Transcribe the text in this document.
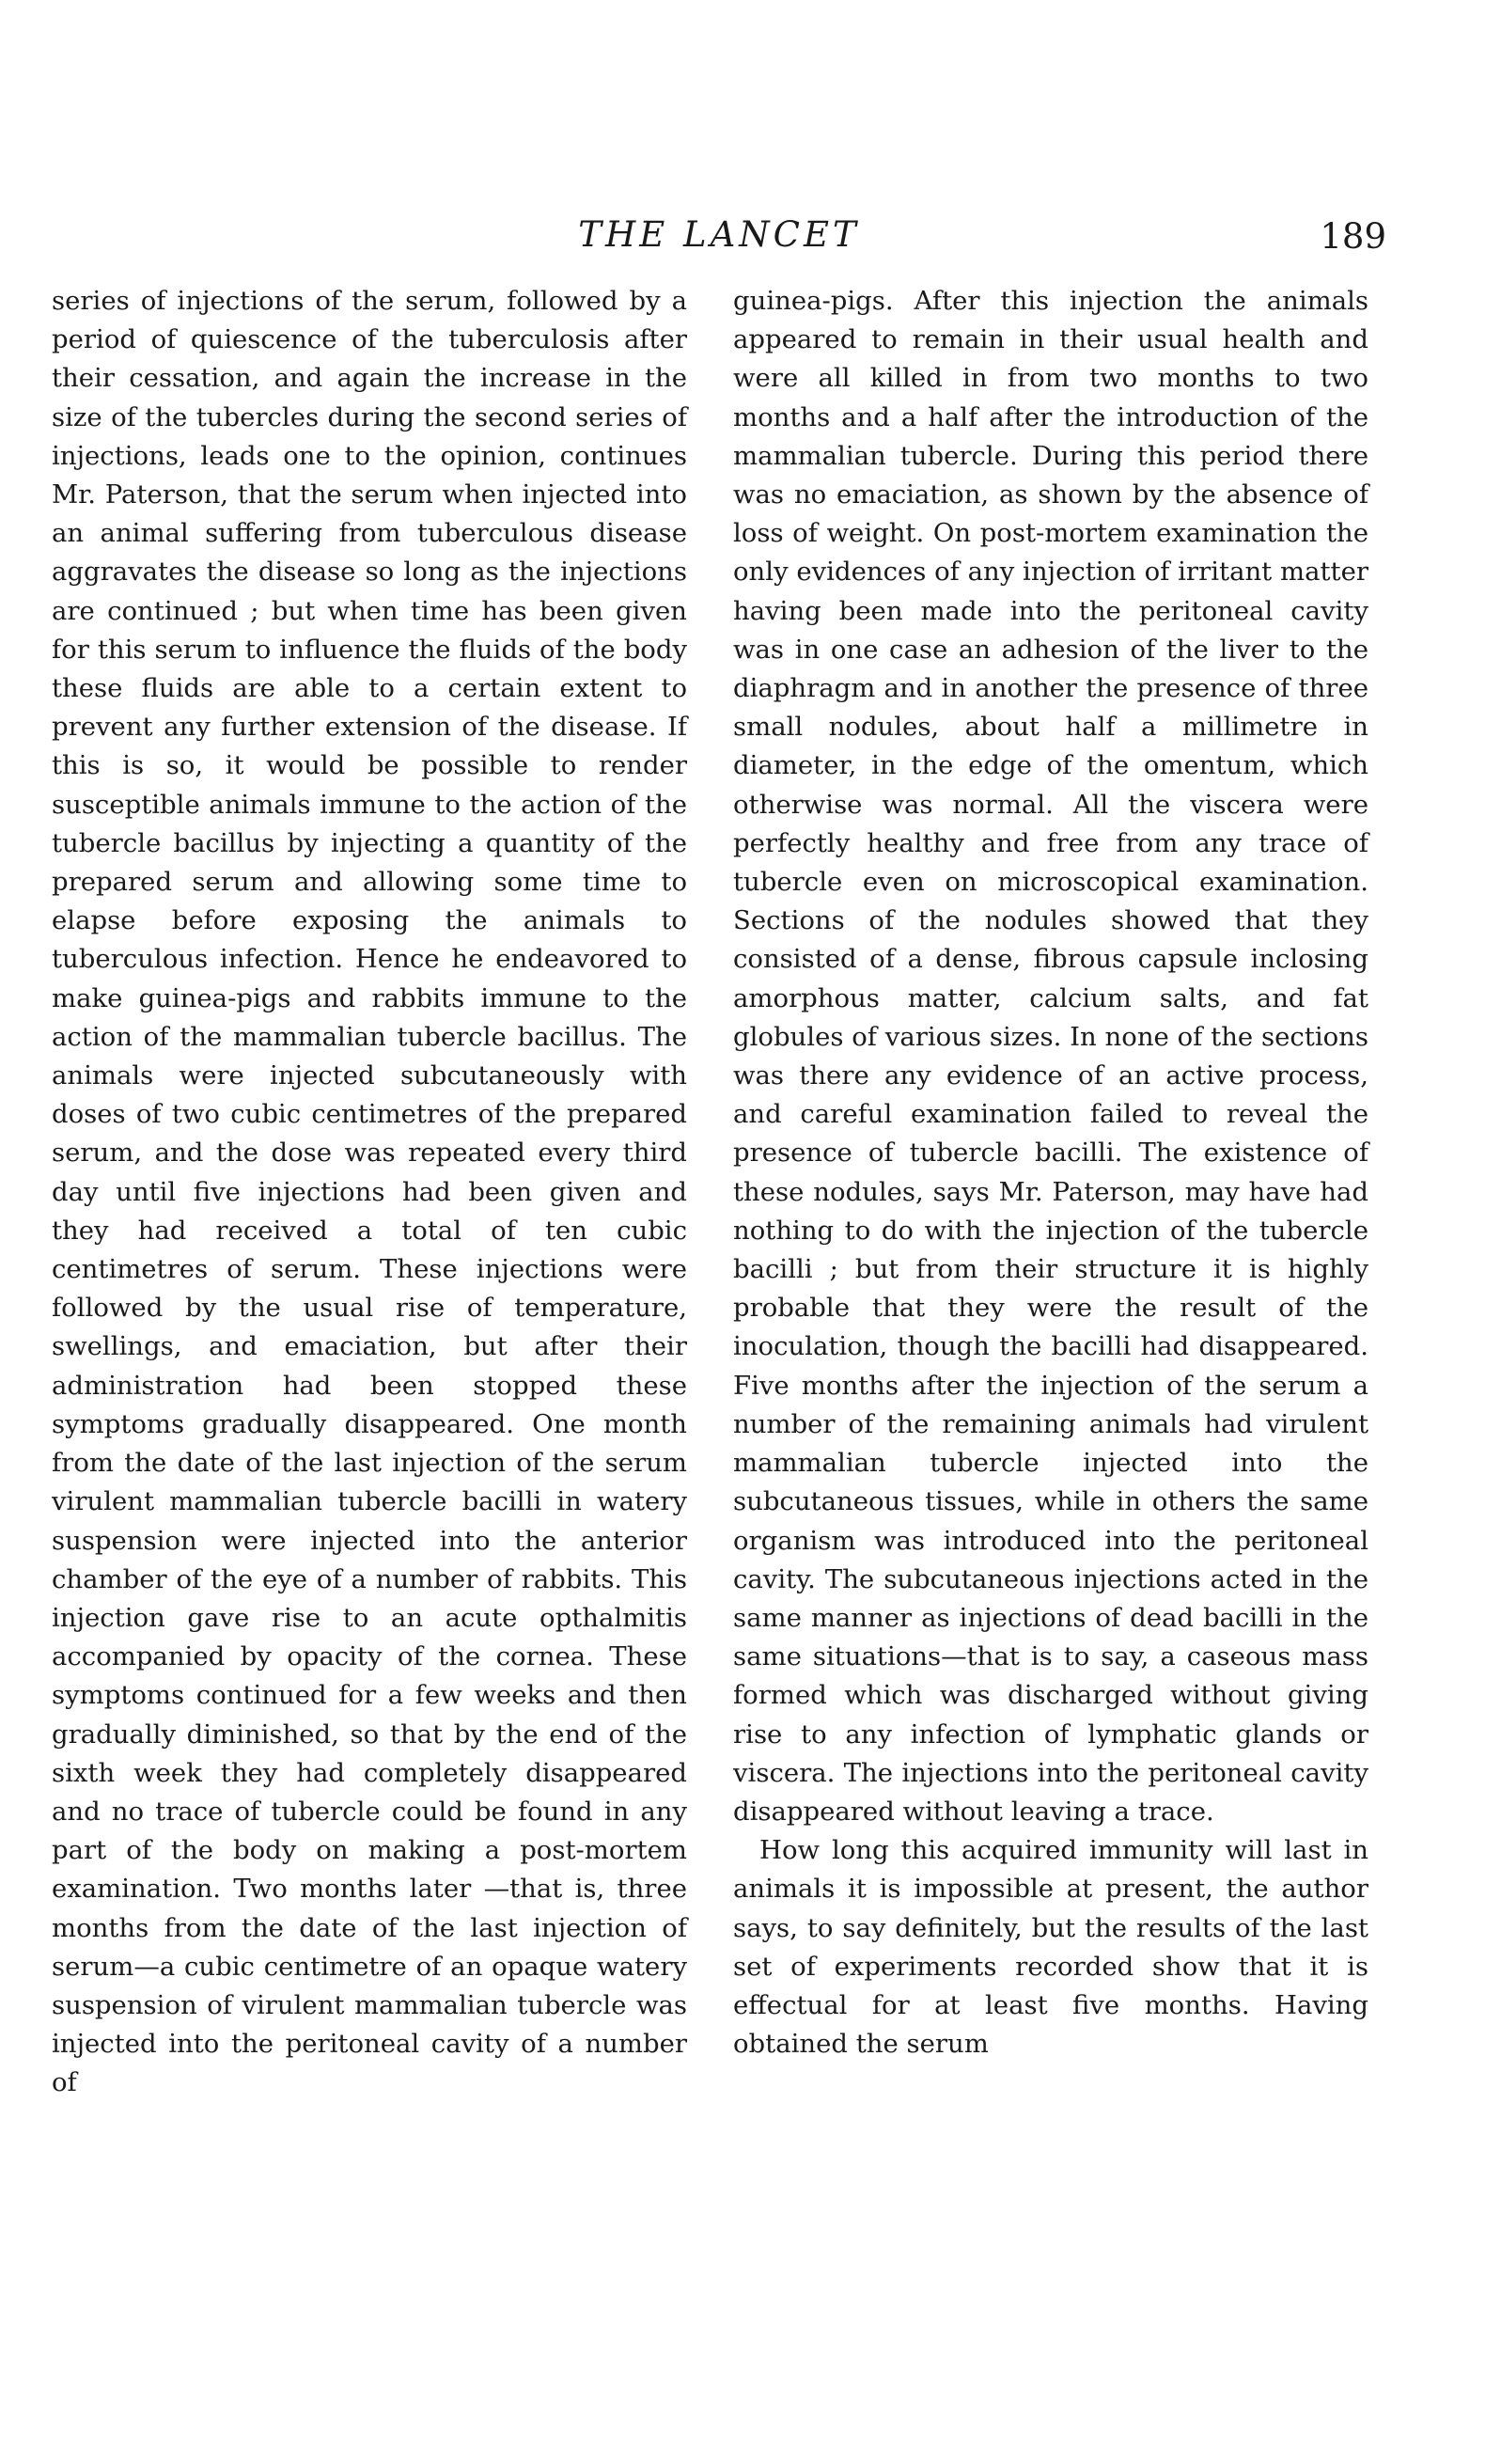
THE LANCET	189

series of injections of the serum, followed by a period of quiescence of the tuberculosis after their cessation, and again the increase in the size of the tubercles during the second series of injections, leads one to the opinion, continues Mr. Paterson, that the serum when injected into an animal suffering from tuberculous disease aggravates the disease so long as the injections are continued ; but when time has been given for this serum to influence the fluids of the body these fluids are able to a certain extent to prevent any further extension of the disease. If this is so, it would be possible to render susceptible animals immune to the action of the tubercle bacillus by injecting a quantity of the prepared serum and allowing some time to elapse before exposing the animals to tuberculous infection. Hence he endeavored to make guinea-pigs and rabbits immune to the action of the mammalian tubercle bacillus. The animals were injected subcutaneously with doses of two cubic centimetres of the prepared serum, and the dose was repeated every third day until five injections had been given and they had received a total of ten cubic centimetres of serum. These injections were followed by the usual rise of temperature, swellings, and emaciation, but after their administration had been stopped these symptoms gradually disappeared. One month from the date of the last injection of the serum virulent mammalian tubercle bacilli in watery suspension were injected into the anterior chamber of the eye of a number of rabbits. This injection gave rise to an acute opthalmitis accompanied by opacity of the cornea. These symptoms continued for a few weeks and then gradually diminished, so that by the end of the sixth week they had completely disappeared and no trace of tubercle could be found in any part of the body on making a post-mortem examination. Two months later —that is, three months from the date of the last injection of serum—a cubic centimetre of an opaque watery suspension of virulent mammalian tubercle was injected into the peritoneal cavity of a number of

guinea-pigs. After this injection the animals appeared to remain in their usual health and were all killed in from two months to two months and a half after the introduction of the mammalian tubercle. During this period there was no emaciation, as shown by the absence of loss of weight. On post-mortem examination the only evidences of any injection of irritant matter having been made into the peritoneal cavity was in one case an adhesion of the liver to the diaphragm and in another the presence of three small nodules, about half a millimetre in diameter, in the edge of the omentum, which otherwise was normal. All the viscera were perfectly healthy and free from any trace of tubercle even on microscopical examination. Sections of the nodules showed that they consisted of a dense, fibrous capsule inclosing amorphous matter, calcium salts, and fat globules of various sizes. In none of the sections was there any evidence of an active process, and careful examination failed to reveal the presence of tubercle bacilli. The existence of these nodules, says Mr. Paterson, may have had nothing to do with the injection of the tubercle bacilli ; but from their structure it is highly probable that they were the result of the inoculation, though the bacilli had disappeared. Five months after the injection of the serum a number of the remaining animals had virulent mammalian tubercle injected into the subcutaneous tissues, while in others the same organism was introduced into the peritoneal cavity. The subcutaneous injections acted in the same manner as injections of dead bacilli in the same situations—that is to say, a caseous mass formed which was discharged without giving rise to any infection of lymphatic glands or viscera. The injections into the peritoneal cavity disappeared without leaving a trace.

How long this acquired immunity will last in animals it is impossible at present, the author says, to say definitely, but the results of the last set of experiments recorded show that it is effectual for at least five months. Having obtained the serum
